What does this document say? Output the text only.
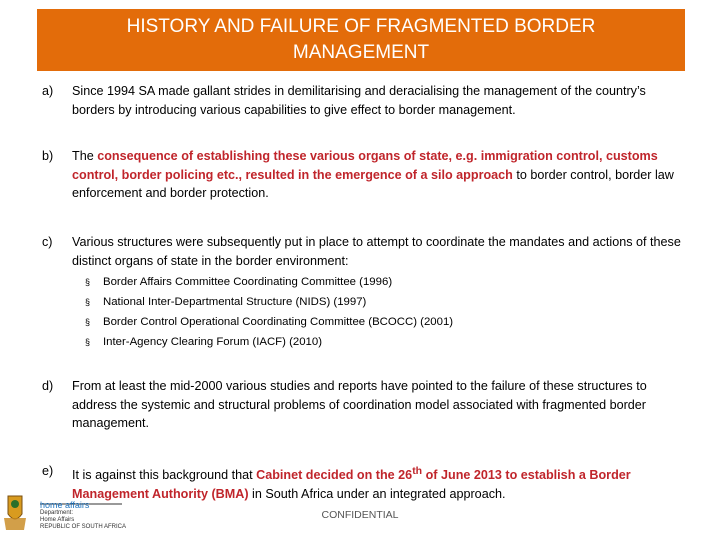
HISTORY AND FAILURE OF FRAGMENTED BORDER MANAGEMENT
a) Since 1994 SA made gallant strides in demilitarising and deracialising the management of the country’s borders by introducing various capabilities to give effect to border management.
b) The consequence of establishing these various organs of state, e.g. immigration control, customs control, border policing etc., resulted in the emergence of a silo approach to border control, border law enforcement and border protection.
c) Various structures were subsequently put in place to attempt to coordinate the mandates and actions of these distinct organs of state in the border environment:
§ Border Affairs Committee Coordinating Committee (1996)
§ National Inter-Departmental Structure (NIDS) (1997)
§ Border Control Operational Coordinating Committee (BCOCC) (2001)
§ Inter-Agency Clearing Forum (IACF) (2010)
d) From at least the mid-2000 various studies and reports have pointed to the failure of these structures to address the systemic and structural problems of coordination model associated with fragmented border management.
e) It is against this background that Cabinet decided on the 26th of June 2013 to establish a Border Management Authority (BMA) in South Africa under an integrated approach.
home affairs
Department:
Home Affairs
REPUBLIC OF SOUTH AFRICA
CONFIDENTIAL
